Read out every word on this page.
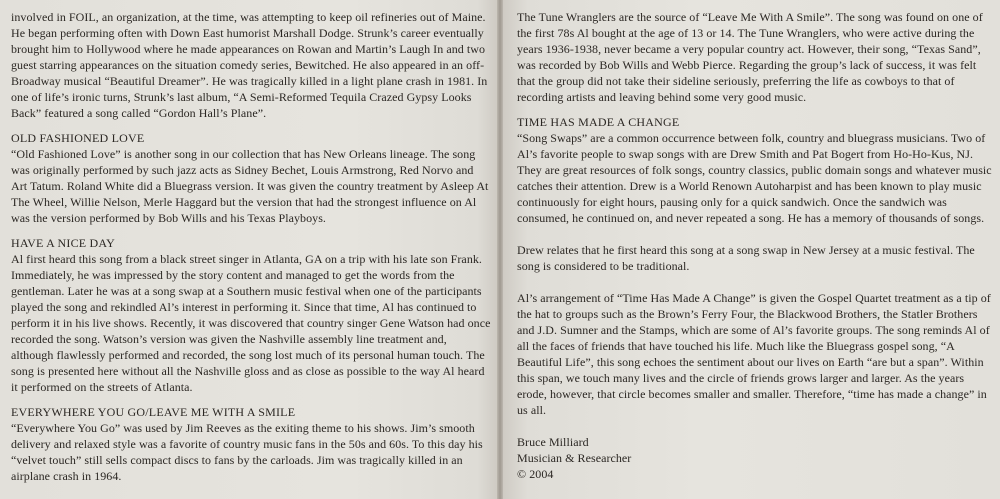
involved in FOIL, an organization, at the time, was attempting to keep oil refineries out of Maine. He began performing often with Down East humorist Marshall Dodge. Strunk’s career eventually brought him to Hollywood where he made appearances on Rowan and Martin’s Laugh In and two guest starring appearances on the situation comedy series, Bewitched. He also appeared in an off-Broadway musical “Beautiful Dreamer”. He was tragically killed in a light plane crash in 1981. In one of life’s ironic turns, Strunk’s last album, “A Semi-Reformed Tequila Crazed Gypsy Looks Back” featured a song called “Gordon Hall’s Plane”.

OLD FASHIONED LOVE

“Old Fashioned Love” is another song in our collection that has New Orleans lineage. The song was originally performed by such jazz acts as Sidney Bechet, Louis Armstrong, Red Norvo and Art Tatum. Roland White did a Bluegrass version. It was given the country treatment by Asleep At The Wheel, Willie Nelson, Merle Haggard but the version that had the strongest influence on Al was the version performed by Bob Wills and his Texas Playboys.

HAVE A NICE DAY

Al first heard this song from a black street singer in Atlanta, GA on a trip with his late son Frank. Immediately, he was impressed by the story content and managed to get the words from the gentleman. Later he was at a song swap at a Southern music festival when one of the participants played the song and rekindled Al’s interest in performing it. Since that time, Al has continued to perform it in his live shows. Recently, it was discovered that country singer Gene Watson had once recorded the song. Watson’s version was given the Nashville assembly line treatment and, although flawlessly performed and recorded, the song lost much of its personal human touch. The song is presented here without all the Nashville gloss and as close as possible to the way Al heard it performed on the streets of Atlanta.

EVERYWHERE YOU GO/LEAVE ME WITH A SMILE

“Everywhere You Go” was used by Jim Reeves as the exiting theme to his shows. Jim’s smooth delivery and relaxed style was a favorite of country music fans in the 50s and 60s. To this day his “velvet touch” still sells compact discs to fans by the carloads. Jim was tragically killed in an airplane crash in 1964.

The Tune Wranglers are the source of “Leave Me With A Smile”. The song was found on one of the first 78s Al bought at the age of 13 or 14. The Tune Wranglers, who were active during the years 1936-1938, never became a very popular country act. However, their song, “Texas Sand”, was recorded by Bob Wills and Webb Pierce. Regarding the group’s lack of success, it was felt that the group did not take their sideline seriously, preferring the life as cowboys to that of recording artists and leaving behind some very good music.

TIME HAS MADE A CHANGE

“Song Swaps” are a common occurrence between folk, country and bluegrass musicians. Two of Al’s favorite people to swap songs with are Drew Smith and Pat Bogert from Ho-Ho-Kus, NJ. They are great resources of folk songs, country classics, public domain songs and whatever music catches their attention. Drew is a World Renown Autoharpist and has been known to play music continuously for eight hours, pausing only for a quick sandwich. Once the sandwich was consumed, he continued on, and never repeated a song. He has a memory of thousands of songs.

Drew relates that he first heard this song at a song swap in New Jersey at a music festival. The song is considered to be traditional.

Al’s arrangement of “Time Has Made A Change” is given the Gospel Quartet treatment as a tip of the hat to groups such as the Brown’s Ferry Four, the Blackwood Brothers, the Statler Brothers and J.D. Sumner and the Stamps, which are some of Al’s favorite groups. The song reminds Al of all the faces of friends that have touched his life. Much like the Bluegrass gospel song, “A Beautiful Life”, this song echoes the sentiment about our lives on Earth “are but a span”. Within this span, we touch many lives and the circle of friends grows larger and larger. As the years erode, however, that circle becomes smaller and smaller. Therefore, “time has made a change” in us all.

Bruce Milliard

Musician & Researcher

© 2004
